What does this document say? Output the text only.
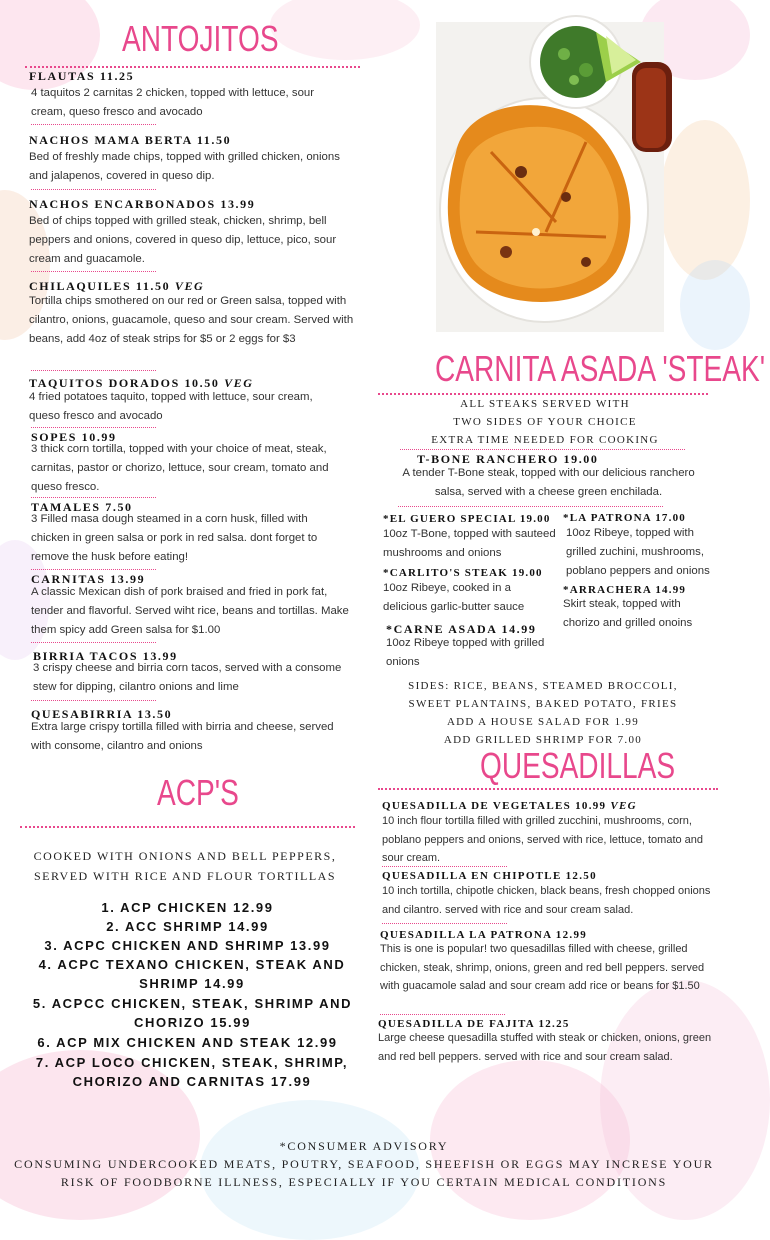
ANTOJITOS
FLAUTAS 11.25
4 taquitos 2 carnitas 2 chicken, topped with lettuce, sour cream, queso fresco and avocado
NACHOS MAMA BERTA 11.50
Bed of freshly made chips, topped with grilled chicken, onions and jalapenos, covered in queso dip.
NACHOS ENCARBONADOS 13.99
Bed of chips topped with grilled steak, chicken, shrimp, bell peppers and onions, covered in queso dip, lettuce, pico, sour cream and guacamole.
CHILAQUILES 11.50 VEG
Tortilla chips smothered on our red or Green salsa, topped with cilantro, onions, guacamole, queso and sour cream. Served with beans, add 4oz of steak strips for $5 or 2 eggs for $3
TAQUITOS DORADOS 10.50 VEG
4 fried potatoes taquito, topped with lettuce, sour cream, queso fresco and avocado
SOPES 10.99
3 thick corn tortilla, topped with your choice of meat, steak, carnitas, pastor or chorizo, lettuce, sour cream, tomato and queso fresco.
TAMALES 7.50
3 Filled masa dough steamed in a corn husk, filled with chicken in green salsa or pork in red salsa. dont forget to remove the husk before eating!
CARNITAS 13.99
A classic Mexican dish of pork braised and fried in pork fat, tender and flavorful. Served wiht rice, beans and tortillas. Make them spicy add Green salsa for $1.00
BIRRIA TACOS 13.99
3 crispy cheese and birria corn tacos, served with a consome stew for dipping, cilantro onions and lime
QUESABIRRIA 13.50
Extra large crispy tortilla filled with birria and cheese, served with consome, cilantro and onions
CARNITA ASADA 'STEAK'
ALL STEAKS SERVED WITH
TWO SIDES OF YOUR CHOICE
EXTRA TIME NEEDED FOR COOKING
T-BONE RANCHERO 19.00
A tender T-Bone steak, topped with our delicious ranchero salsa, served with a cheese green enchilada.
*EL GUERO SPECIAL 19.00
10oz T-Bone, topped with sauteed mushrooms and onions
*CARLITO'S STEAK 19.00
10oz Ribeye, cooked in a delicious garlic-butter sauce
*CARNE ASADA 14.99
10oz Ribeye topped with grilled onions
*LA PATRONA 17.00
10oz Ribeye, topped with grilled zuchini, mushrooms, poblano peppers and onions
*ARRACHERA 14.99
Skirt steak, topped with chorizo and grilled onoins
SIDES: RICE, BEANS, STEAMED BROCCOLI,
SWEET PLANTAINS, BAKED POTATO, FRIES
ADD A HOUSE SALAD FOR 1.99
ADD GRILLED SHRIMP FOR 7.00
ACP'S
COOKED WITH ONIONS AND BELL PEPPERS,
SERVED WITH RICE AND FLOUR TORTILLAS
1. ACP CHICKEN 12.99
2. ACC SHRIMP 14.99
3. ACPC CHICKEN AND SHRIMP 13.99
4. ACPC TEXANO CHICKEN, STEAK AND SHRIMP 14.99
5. ACPCC CHICKEN, STEAK, SHRIMP AND CHORIZO 15.99
6. ACP MIX CHICKEN AND STEAK 12.99
7. ACP LOCO CHICKEN, STEAK, SHRIMP, CHORIZO AND CARNITAS 17.99
QUESADILLAS
QUESADILLA DE VEGETALES 10.99 VEG
10 inch flour tortilla filled with grilled zucchini, mushrooms, corn, poblano peppers and onions, served with rice, lettuce, tomato and sour cream.
QUESADILLA EN CHIPOTLE 12.50
10 inch tortilla, chipotle chicken, black beans, fresh chopped onions and cilantro. served with rice and sour cream salad.
QUESADILLA LA PATRONA 12.99
This is one is popular! two quesadillas filled with cheese, grilled chicken, steak, shrimp, onions, green and red bell peppers. served with guacamole salad and sour cream add rice or beans for $1.50
QUESADILLA DE FAJITA 12.25
Large cheese quesadilla stuffed with steak or chicken, onions, green and red bell peppers. served with rice and sour cream salad.
*CONSUMER ADVISORY
CONSUMING UNDERCOOKED MEATS, POUTRY, SEAFOOD, SHEEFISH OR EGGS MAY INCRESE YOUR
RISK OF FOODBORNE ILLNESS, ESPECIALLY IF YOU CERTAIN MEDICAL CONDITIONS
